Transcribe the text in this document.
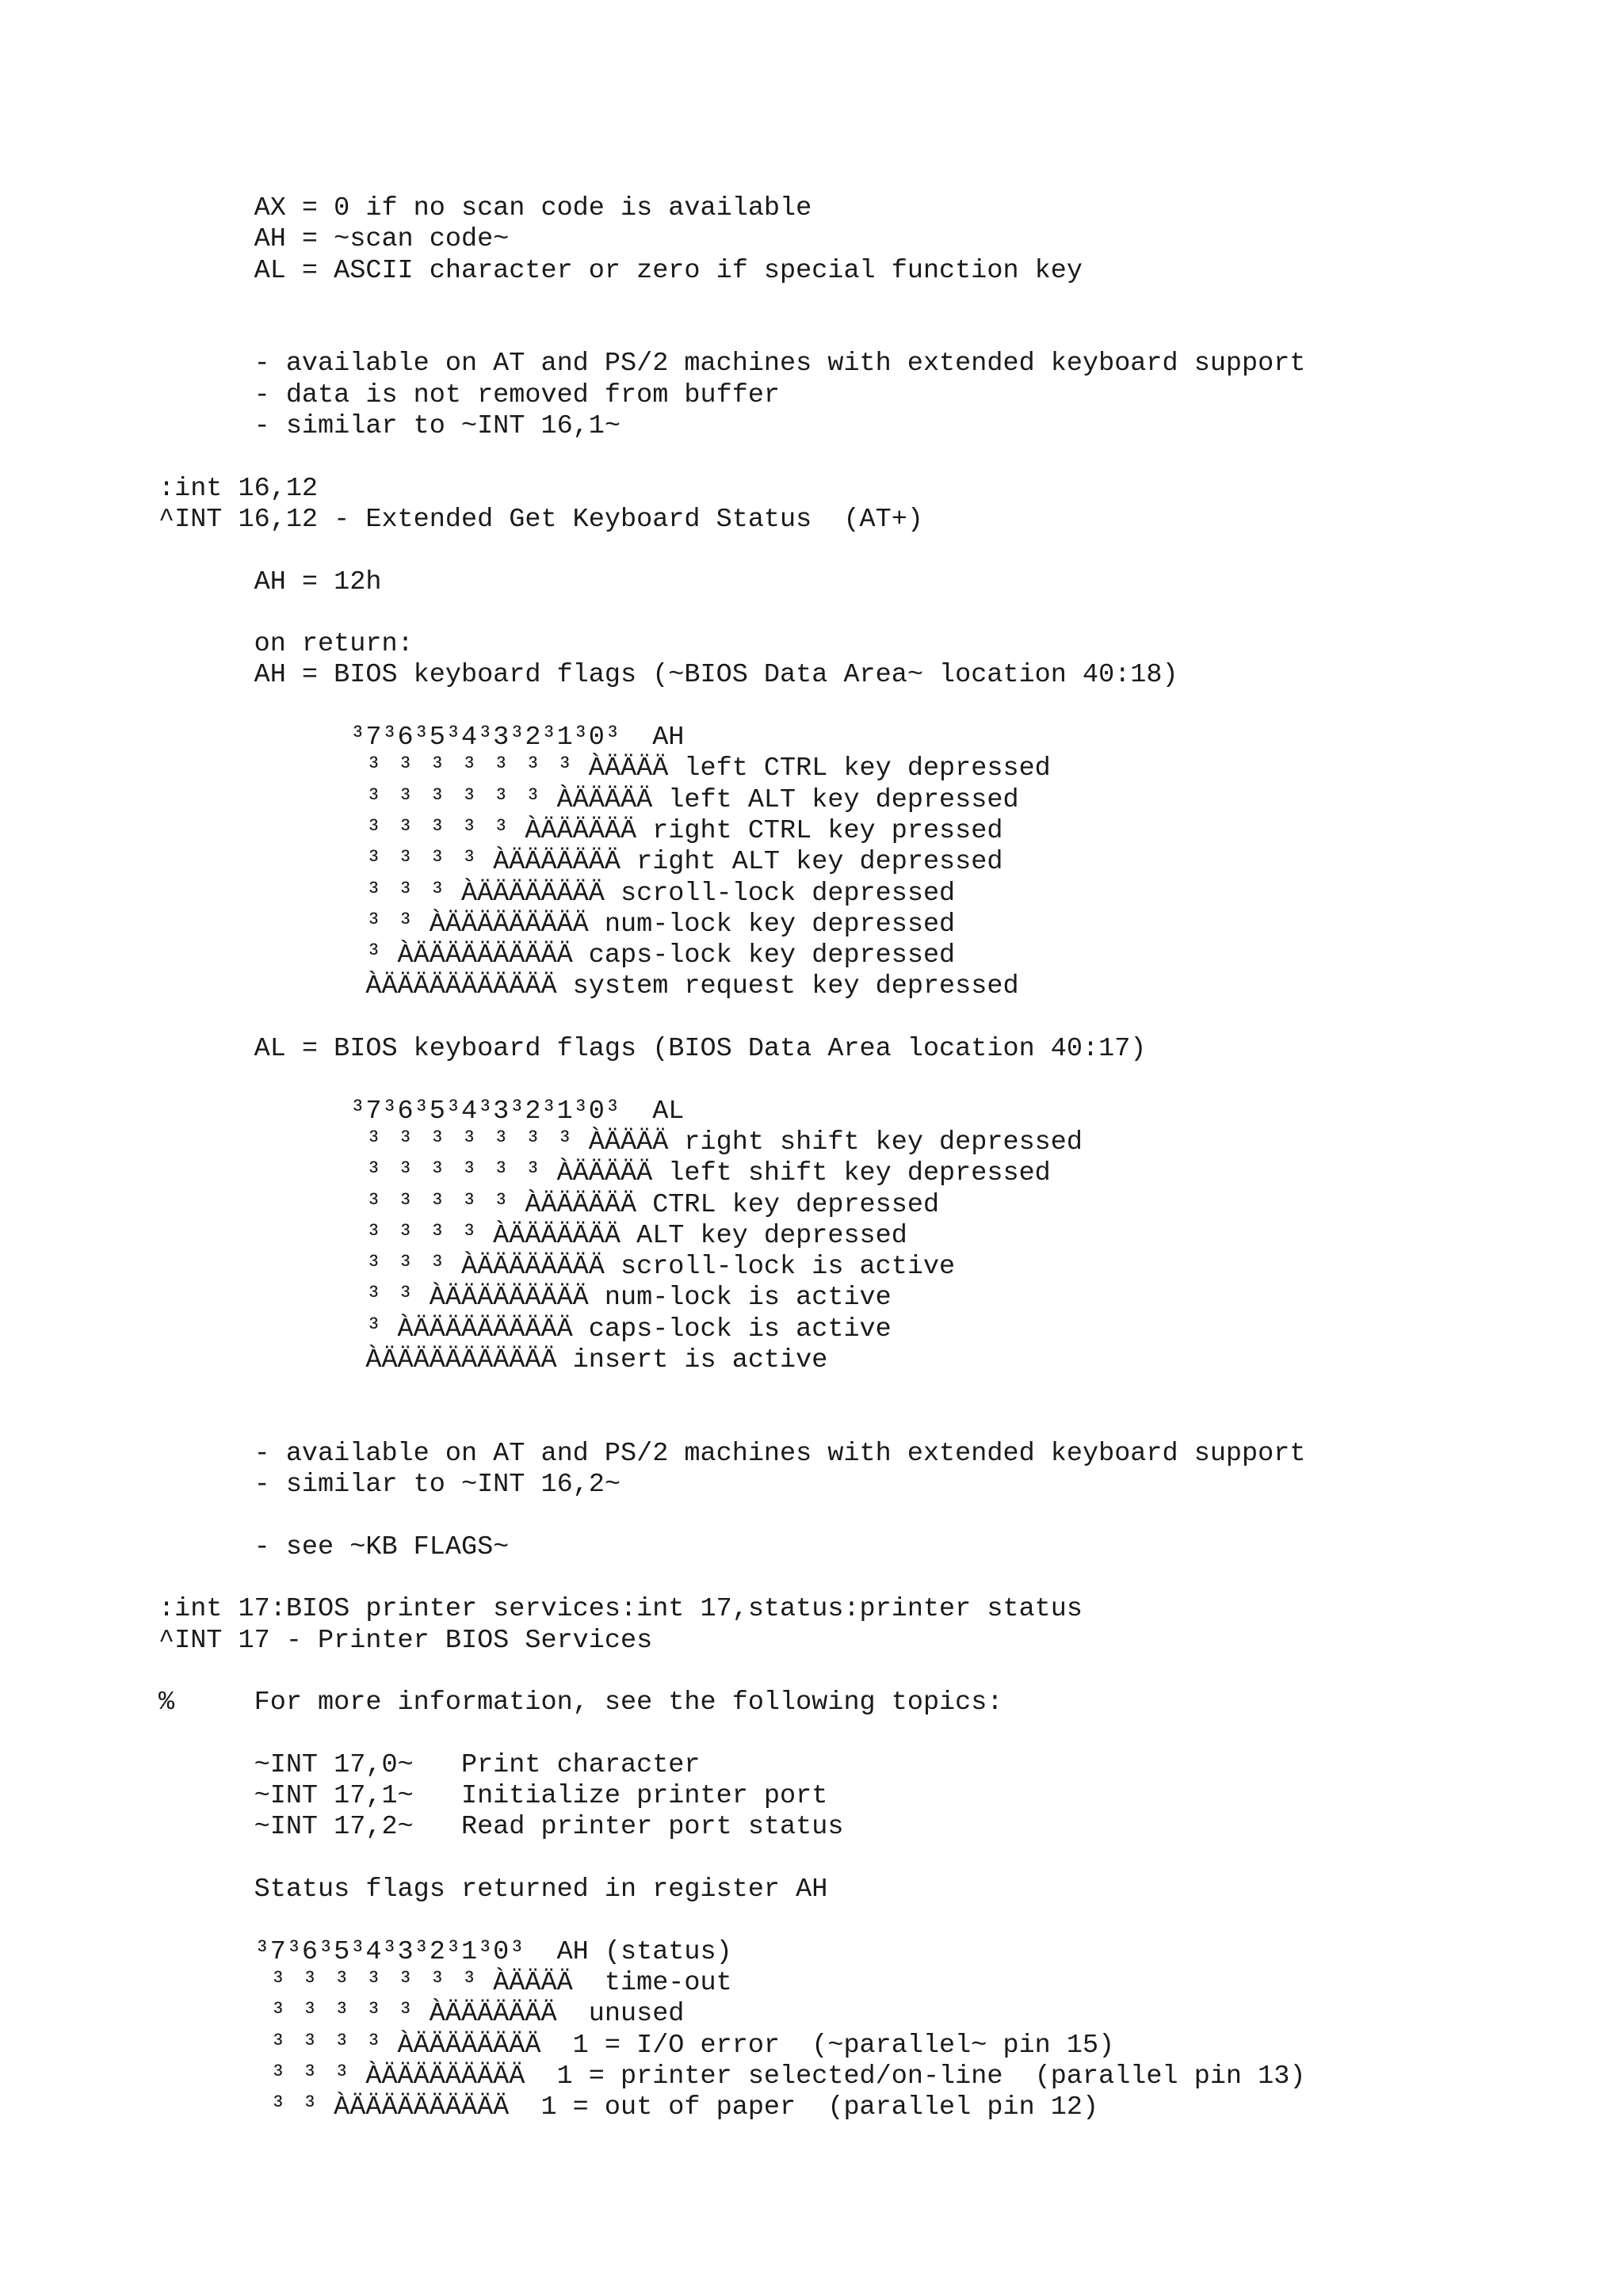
AX = 0 if no scan code is available
AH = ~scan code~
AL = ASCII character or zero if special function key
- available on AT and PS/2 machines with extended keyboard support
- data is not removed from buffer
- similar to ~INT 16,1~
:int 16,12
^INT 16,12 - Extended Get Keyboard Status  (AT+)
AH = 12h
on return:
AH = BIOS keyboard flags (~BIOS Data Area~ location 40:18)
³7³6³5³4³3³2³1³0³  AH
³ ³ ³ ³ ³ ³ ³ ÀÄÄÄÄ left CTRL key depressed
³ ³ ³ ³ ³ ³ ÀÄÄÄÄÄ left ALT key depressed
³ ³ ³ ³ ³ ÀÄÄÄÄÄÄ right CTRL key pressed
³ ³ ³ ³ ÀÄÄÄÄÄÄÄ right ALT key depressed
³ ³ ³ ÀÄÄÄÄÄÄÄÄ scroll-lock depressed
³ ³ ÀÄÄÄÄÄÄÄÄÄ num-lock key depressed
³ ÀÄÄÄÄÄÄÄÄÄÄ caps-lock key depressed
ÀÄÄÄÄÄÄÄÄÄÄÄ system request key depressed
AL = BIOS keyboard flags (BIOS Data Area location 40:17)
³7³6³5³4³3³2³1³0³  AL
³ ³ ³ ³ ³ ³ ³ ÀÄÄÄÄ right shift key depressed
³ ³ ³ ³ ³ ³ ÀÄÄÄÄÄ left shift key depressed
³ ³ ³ ³ ³ ÀÄÄÄÄÄÄ CTRL key depressed
³ ³ ³ ³ ÀÄÄÄÄÄÄÄ ALT key depressed
³ ³ ³ ÀÄÄÄÄÄÄÄÄ scroll-lock is active
³ ³ ÀÄÄÄÄÄÄÄÄÄ num-lock is active
³ ÀÄÄÄÄÄÄÄÄÄÄ caps-lock is active
ÀÄÄÄÄÄÄÄÄÄÄÄ insert is active
- available on AT and PS/2 machines with extended keyboard support
- similar to ~INT 16,2~
- see ~KB FLAGS~
:int 17:BIOS printer services:int 17,status:printer status
^INT 17 - Printer BIOS Services
%     For more information, see the following topics:
~INT 17,0~   Print character
~INT 17,1~   Initialize printer port
~INT 17,2~   Read printer port status
Status flags returned in register AH
³7³6³5³4³3³2³1³0³  AH (status)
³ ³ ³ ³ ³ ³ ³ ÀÄÄÄÄ  time-out
³ ³ ³ ³ ³ ÀÄÄÄÄÄÄÄ  unused
³ ³ ³ ³ ÀÄÄÄÄÄÄÄÄ  1 = I/O error  (~parallel~ pin 15)
³ ³ ³ ÀÄÄÄÄÄÄÄÄÄ  1 = printer selected/on-line  (parallel pin 13)
³ ³ ÀÄÄÄÄÄÄÄÄÄÄ  1 = out of paper  (parallel pin 12)
